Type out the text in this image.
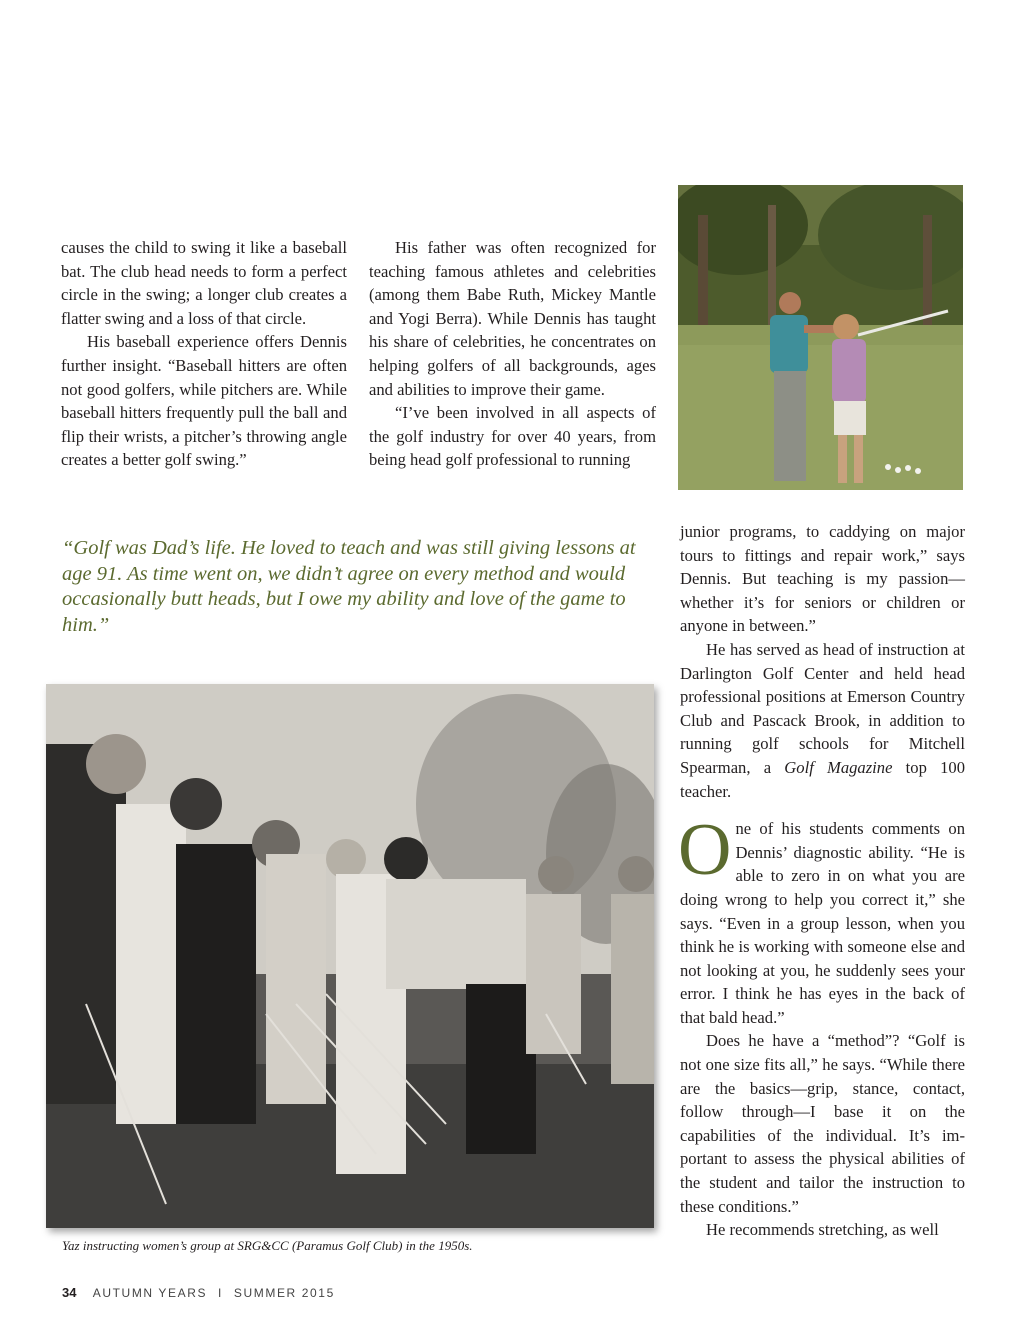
causes the child to swing it like a baseball bat. The club head needs to form a perfect circle in the swing; a longer club creates a flatter swing and a loss of that circle.

His baseball experience offers Dennis further insight. “Baseball hitters are often not good golfers, while pitchers are. While baseball hitters frequently pull the ball and flip their wrists, a pitcher’s throwing angle creates a better golf swing.”

His father was often recognized for teaching famous athletes and celebrities (among them Babe Ruth, Mickey Mantle and Yogi Berra). While Dennis has taught his share of celebrities, he concentrates on helping golfers of all backgrounds, ages and abilities to improve their game.

“I’ve been involved in all aspects of the golf industry for over 40 years, from being head golf professional to running

“Golf was Dad’s life. He loved to teach and was still giving lessons at age 91. As time went on, we didn’t agree on every method and would occasionally butt heads, but I owe my ability and love of the game to him.”

Yaz instructing women’s group at SRG&CC (Paramus Golf Club) in the 1950s.

junior programs, to caddying on major tours to fittings and repair work,” says Dennis. But teaching is my passion—whether it’s for seniors or children or anyone in between.”

He has served as head of instruction at Darlington Golf Center and held head professional positions at Emerson Country Club and Pascack Brook, in addition to running golf schools for Mitchell Spearman, a Golf Magazine top 100 teacher.

One of his students comments on Dennis’ diagnostic ability. “He is able to zero in on what you are doing wrong to help you correct it,” she says. “Even in a group lesson, when you think he is working with someone else and not looking at you, he suddenly sees your error. I think he has eyes in the back of that bald head.”

Does he have a “method”? “Golf is not one size fits all,” he says. “While there are the basics—grip, stance, contact, follow through—I base it on the capabilities of the individual. It’s important to assess the physical abilities of the student and tailor the instruction to these conditions.”

He recommends stretching, as well

34 AUTUMN YEARS I SUMMER 2015
